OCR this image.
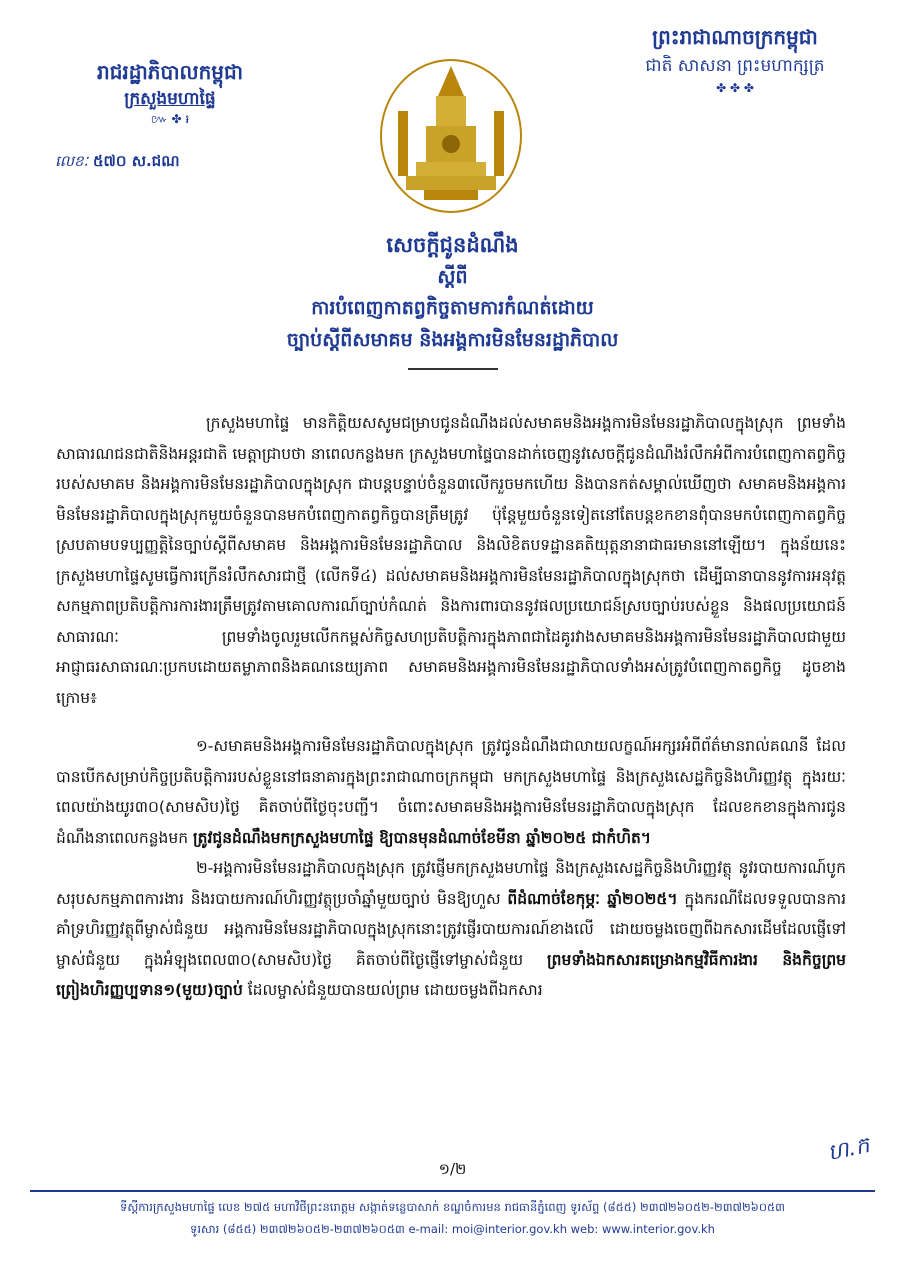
រាជរដ្ឋាភិបាលកម្ពុជា
ក្រសួងមហាផ្ទៃ
៚ ✤ ៛
លេខៈ ៥៧០ ស.ជណ
ព្រះរាជាណាចក្រកម្ពុជា
ជាតិ សាសនា ព្រះមហាក្សត្រ
✤ ✤ ✤
សេចក្តីជូនដំណឹង
ស្តីពី
ការបំពេញកាតព្វកិច្ចតាមការកំណត់ដោយ
ច្បាប់ស្តីពីសមាគម និងអង្គការមិនមែនរដ្ឋាភិបាល

ក្រសួងមហាផ្ទៃ មានកិត្តិយសសូមជម្រាបជូនដំណឹងដល់សមាគមនិងអង្គការមិនមែនរដ្ឋាភិបាលក្នុងស្រុក ព្រមទាំងសាធារណជនជាតិនិងអន្តរជាតិ មេត្តាជ្រាបថា នាពេលកន្លងមក ក្រសួងមហាផ្ទៃបានដាក់ចេញនូវសេចក្តីជូនដំណឹងរំលឹកអំពីការបំពេញកាតព្វកិច្ចរបស់សមាគម និងអង្គការមិនមែនរដ្ឋាភិបាលក្នុងស្រុក ជាបន្តបន្ទាប់ចំនួន៣លើករួចមកហើយ និងបានកត់សម្គាល់ឃើញថា សមាគមនិងអង្គការមិនមែនរដ្ឋាភិបាលក្នុងស្រុកមួយចំនួនបានមកបំពេញកាតព្វកិច្ចបានត្រឹមត្រូវ ប៉ុន្តែមួយចំនួនទៀតនៅតែបន្តខកខានពុំបានមកបំពេញកាតព្វកិច្ចស្របតាមបទប្បញ្ញត្តិនៃច្បាប់ស្តីពីសមាគម និងអង្គការមិនមែនរដ្ឋាភិបាល និងលិខិតបទដ្ឋានគតិយុត្តនានាជាធរមាននៅឡើយ។ ក្នុងន័យនេះ ក្រសួងមហាផ្ទៃសូមធ្វើការក្រើនរំលឹកសារជាថ្មី (លើកទី៤) ដល់សមាគមនិងអង្គការមិនមែនរដ្ឋាភិបាលក្នុងស្រុកថា ដើម្បីធានាបាននូវការអនុវត្តសកម្មភាពប្រតិបត្តិការការងារត្រឹមត្រូវតាមគោលការណ៍ច្បាប់កំណត់ និងការពារបាននូវផលប្រយោជន៍ស្របច្បាប់របស់ខ្លួន និងផលប្រយោជន៍សាធារណៈ ព្រមទាំងចូលរួមលើកកម្ពស់កិច្ចសហប្រតិបត្តិការក្នុងភាពជាដៃគូរវាងសមាគមនិងអង្គការមិនមែនរដ្ឋាភិបាលជាមួយអាជ្ញាធរសាធារណៈប្រកបដោយតម្លាភាពនិងគណនេយ្យភាព សមាគមនិងអង្គការមិនមែនរដ្ឋាភិបាលទាំងអស់ត្រូវបំពេញកាតព្វកិច្ច ដូចខាងក្រោម៖

១-សមាគមនិងអង្គការមិនមែនរដ្ឋាភិបាលក្នុងស្រុក ត្រូវជូនដំណឹងជាលាយលក្ខណ៍អក្សរអំពីព័ត៌មានរាល់គណនី ដែលបានបើកសម្រាប់កិច្ចប្រតិបត្តិការរបស់ខ្លួននៅធនាគារក្នុងព្រះរាជាណាចក្រកម្ពុជា មកក្រសួងមហាផ្ទៃ និងក្រសួងសេដ្ឋកិច្ចនិងហិរញ្ញវត្ថុ ក្នុងរយៈពេលយ៉ាងយូរ៣០(សាមសិប)ថ្ងៃ គិតចាប់ពីថ្ងៃចុះបញ្ជី។ ចំពោះសមាគមនិងអង្គការមិនមែនរដ្ឋាភិបាលក្នុងស្រុក ដែលខកខានក្នុងការជូនដំណឹងនាពេលកន្លងមក ត្រូវជូនដំណឹងមកក្រសួងមហាផ្ទៃ ឱ្យបានមុនដំណាច់ខែមីនា ឆ្នាំ២០២៥ ជាកំហិត។

២-អង្គការមិនមែនរដ្ឋាភិបាលក្នុងស្រុក ត្រូវផ្ញើមកក្រសួងមហាផ្ទៃ និងក្រសួងសេដ្ឋកិច្ចនិងហិរញ្ញវត្ថុ នូវរបាយការណ៍បូកសរុបសកម្មភាពការងារ និងរបាយការណ៍ហិរញ្ញវត្ថុប្រចាំឆ្នាំមួយច្បាប់ មិនឱ្យហួស ពីដំណាច់ខែកុម្ភៈ ឆ្នាំ២០២៥។ ក្នុងករណីដែលទទួលបានការគាំទ្រហិរញ្ញវត្ថុពីម្ចាស់ជំនួយ អង្គការមិនមែនរដ្ឋាភិបាលក្នុងស្រុកនោះត្រូវផ្ញើរបាយការណ៍ខាងលើ ដោយចម្លងចេញពីឯកសារដើមដែលផ្ញើទៅម្ចាស់ជំនួយ ក្នុងអំឡុងពេល៣០(សាមសិប)ថ្ងៃ គិតចាប់ពីថ្ងៃផ្ញើទៅម្ចាស់ជំនួយ ព្រមទាំងឯកសារគម្រោងកម្មវិធីការងារ និងកិច្ចព្រមព្រៀងហិរញ្ញប្បទាន១(មួយ)ច្បាប់ ដែលម្ចាស់ជំនួយបានយល់ព្រម ដោយចម្លងពីឯកសារ

ហ.ក
១/២
ទីស្តីការក្រសួងមហាផ្ទៃ លេខ ២៧៥ មហាវិថីព្រះនរោត្តម សង្កាត់ទន្លេបាសាក់ ខណ្ឌចំការមន រាជធានីភ្នំពេញ ទូរស័ព្ទ (៨៥៥) ២៣៧២៦០៥២-២៣៧២៦០៥៣
ទូរសារ (៨៥៥) ២៣៧២៦០៥២-២៣៧២៦០៥៣ e-mail: moi@interior.gov.kh web: www.interior.gov.kh
